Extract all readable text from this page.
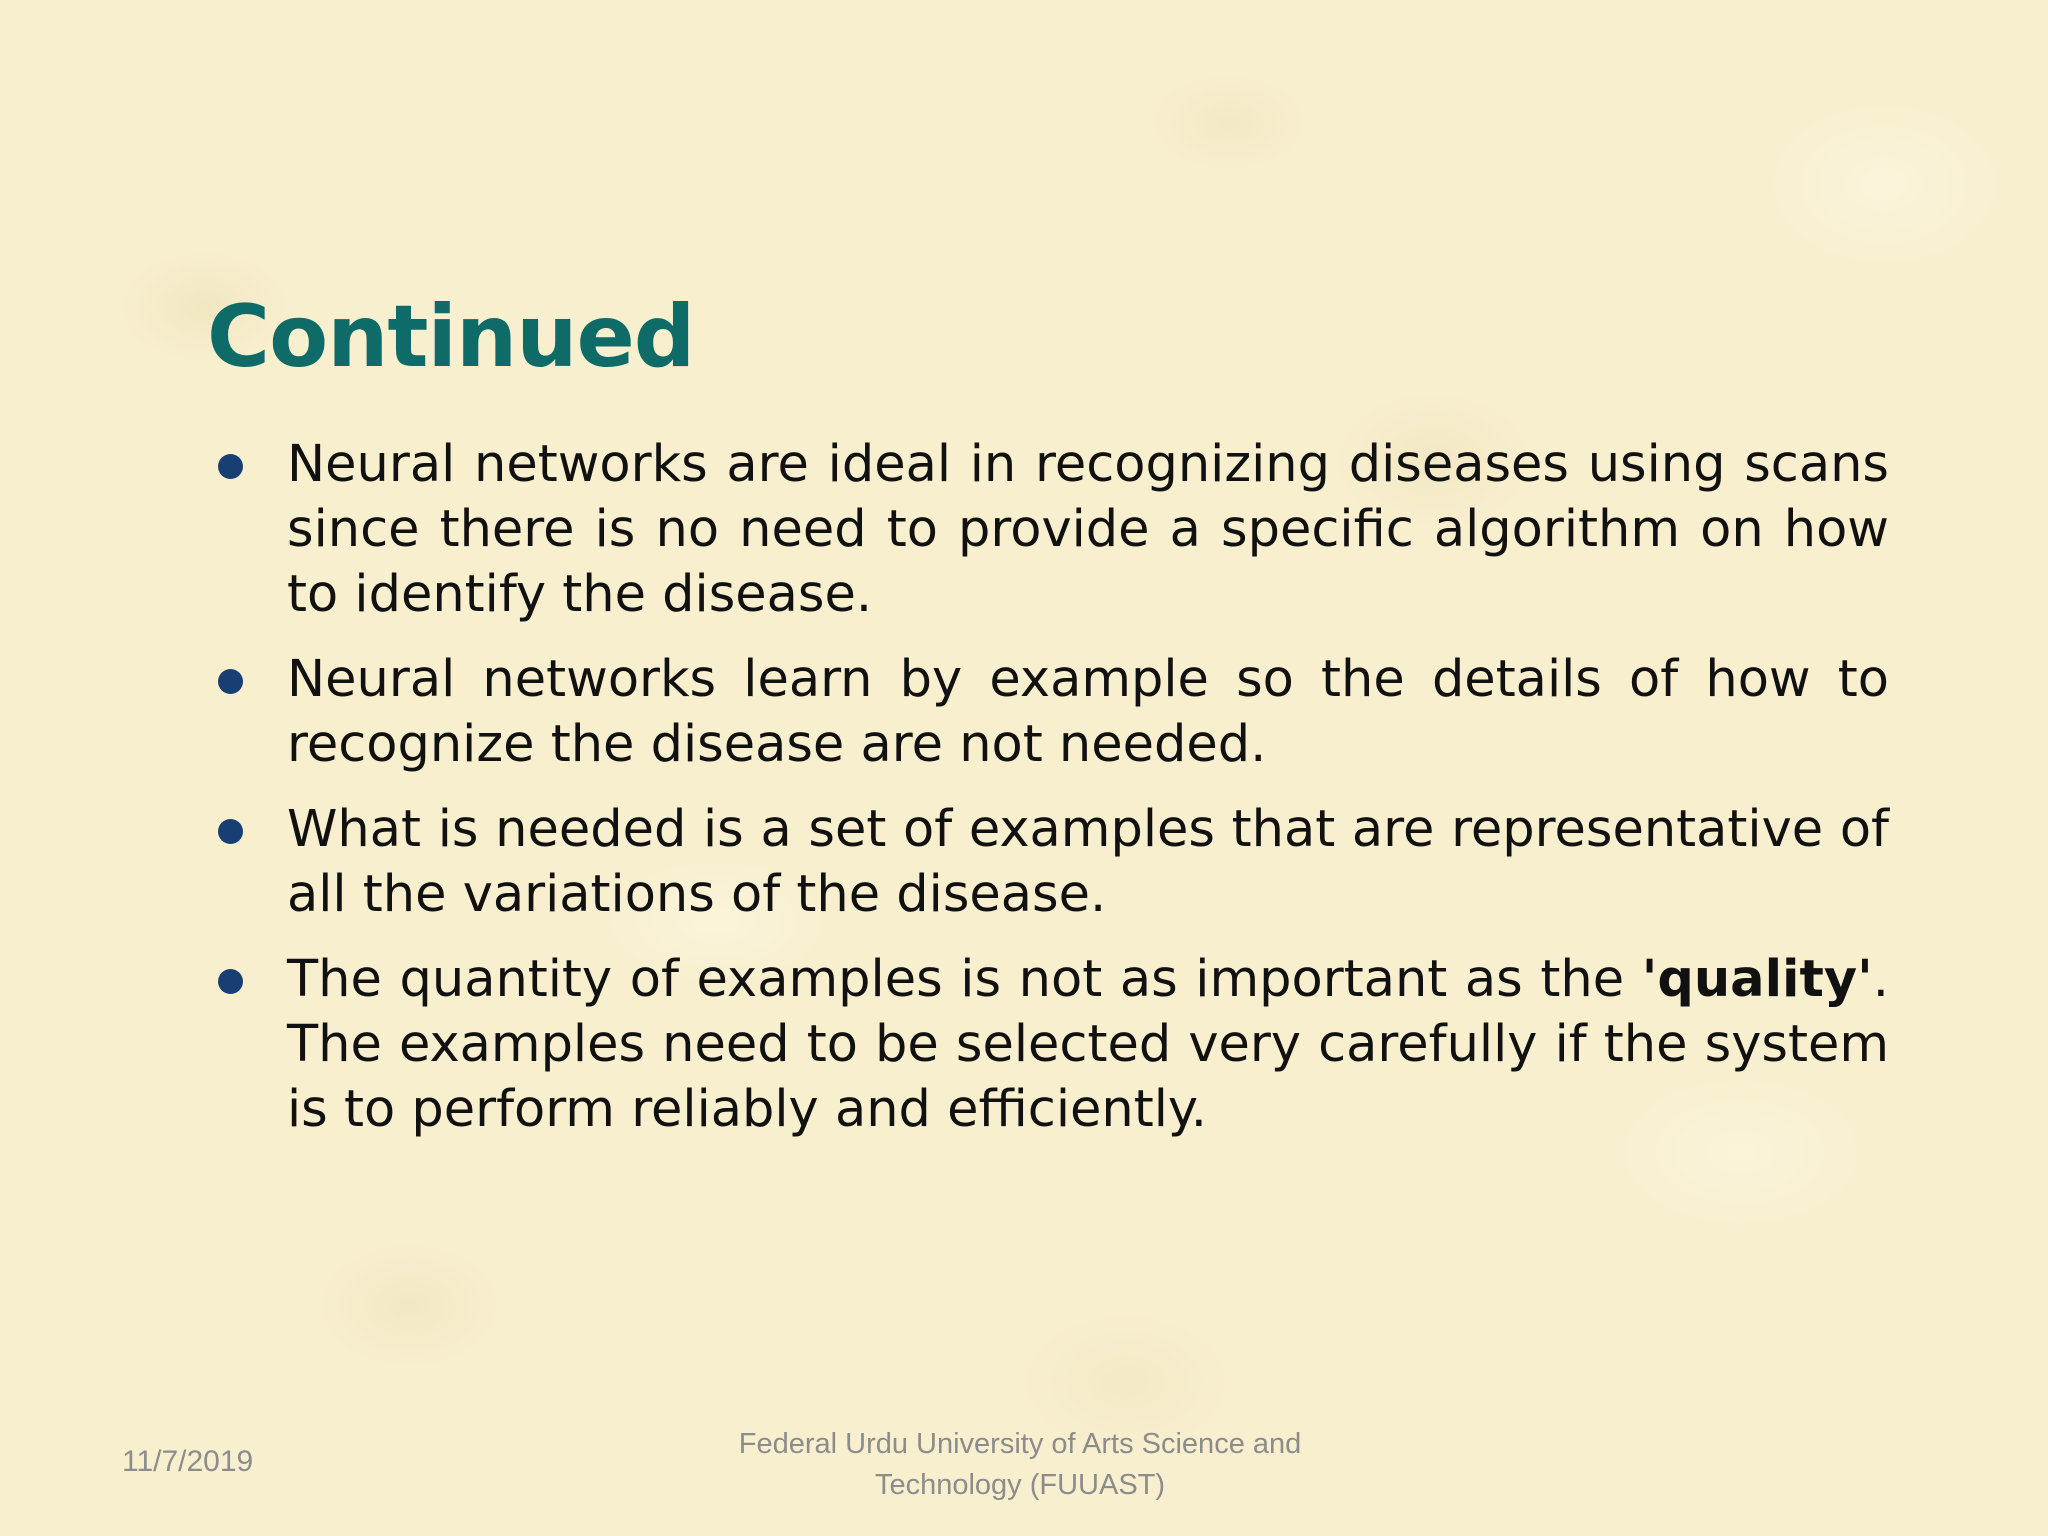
Continued
Neural networks are ideal in recognizing diseases using scans since there is no need to provide a specific algorithm on how to identify the disease.
Neural networks learn by example so the details of how to recognize the disease are not needed.
What is needed is a set of examples that are representative of all the variations of the disease.
The quantity of examples is not as important as the 'quality'. The examples need to be selected very carefully if the system is to perform reliably and efficiently.
11/7/2019
Federal Urdu University of Arts Science and
Technology (FUUAST)
